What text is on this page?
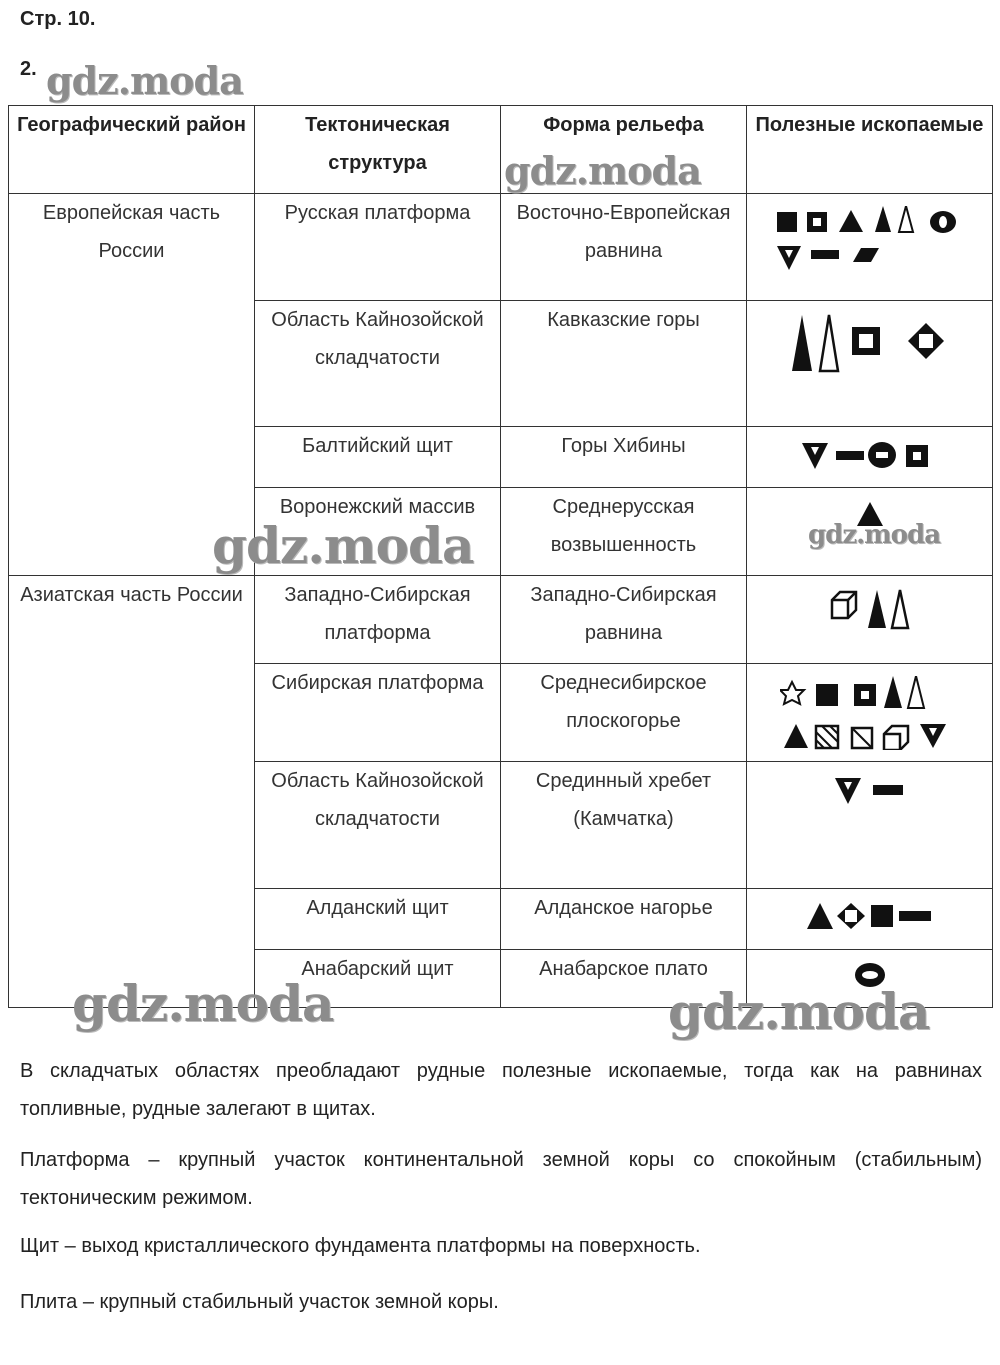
Стр. 10.
2.
Географический район	Тектоническая структура	Форма рельефа	Полезные ископаемые
Европейская часть России	Русская платформа	Восточно-Европейская равнина	

	Область Кайнозойской складчатости	Кавказские горы	

	Балтийский щит	Горы Хибины	

	Воронежский массив	Среднерусская возвышенность	

Азиатская часть России	Западно-Сибирская платформа	Западно-Сибирская равнина	

	Сибирская платформа	Среднесибирское плоскогорье	

	Область Кайнозойской складчатости	Срединный хребет (Камчатка)	

	Алданский щит	Алданское нагорье	

	Анабарский щит	Анабарское плато	
gdz.moda
gdz.moda
gdz.moda	gdz.moda
gdz.moda	gdz.moda
В складчатых областях преобладают рудные полезные ископаемые, тогда как на равнинах топливные, рудные залегают в щитах.
Платформа – крупный участок континентальной земной коры со спокойным (стабильным) тектоническим режимом.
Щит – выход кристаллического фундамента платформы на поверхность.
Плита – крупный стабильный участок земной коры.
